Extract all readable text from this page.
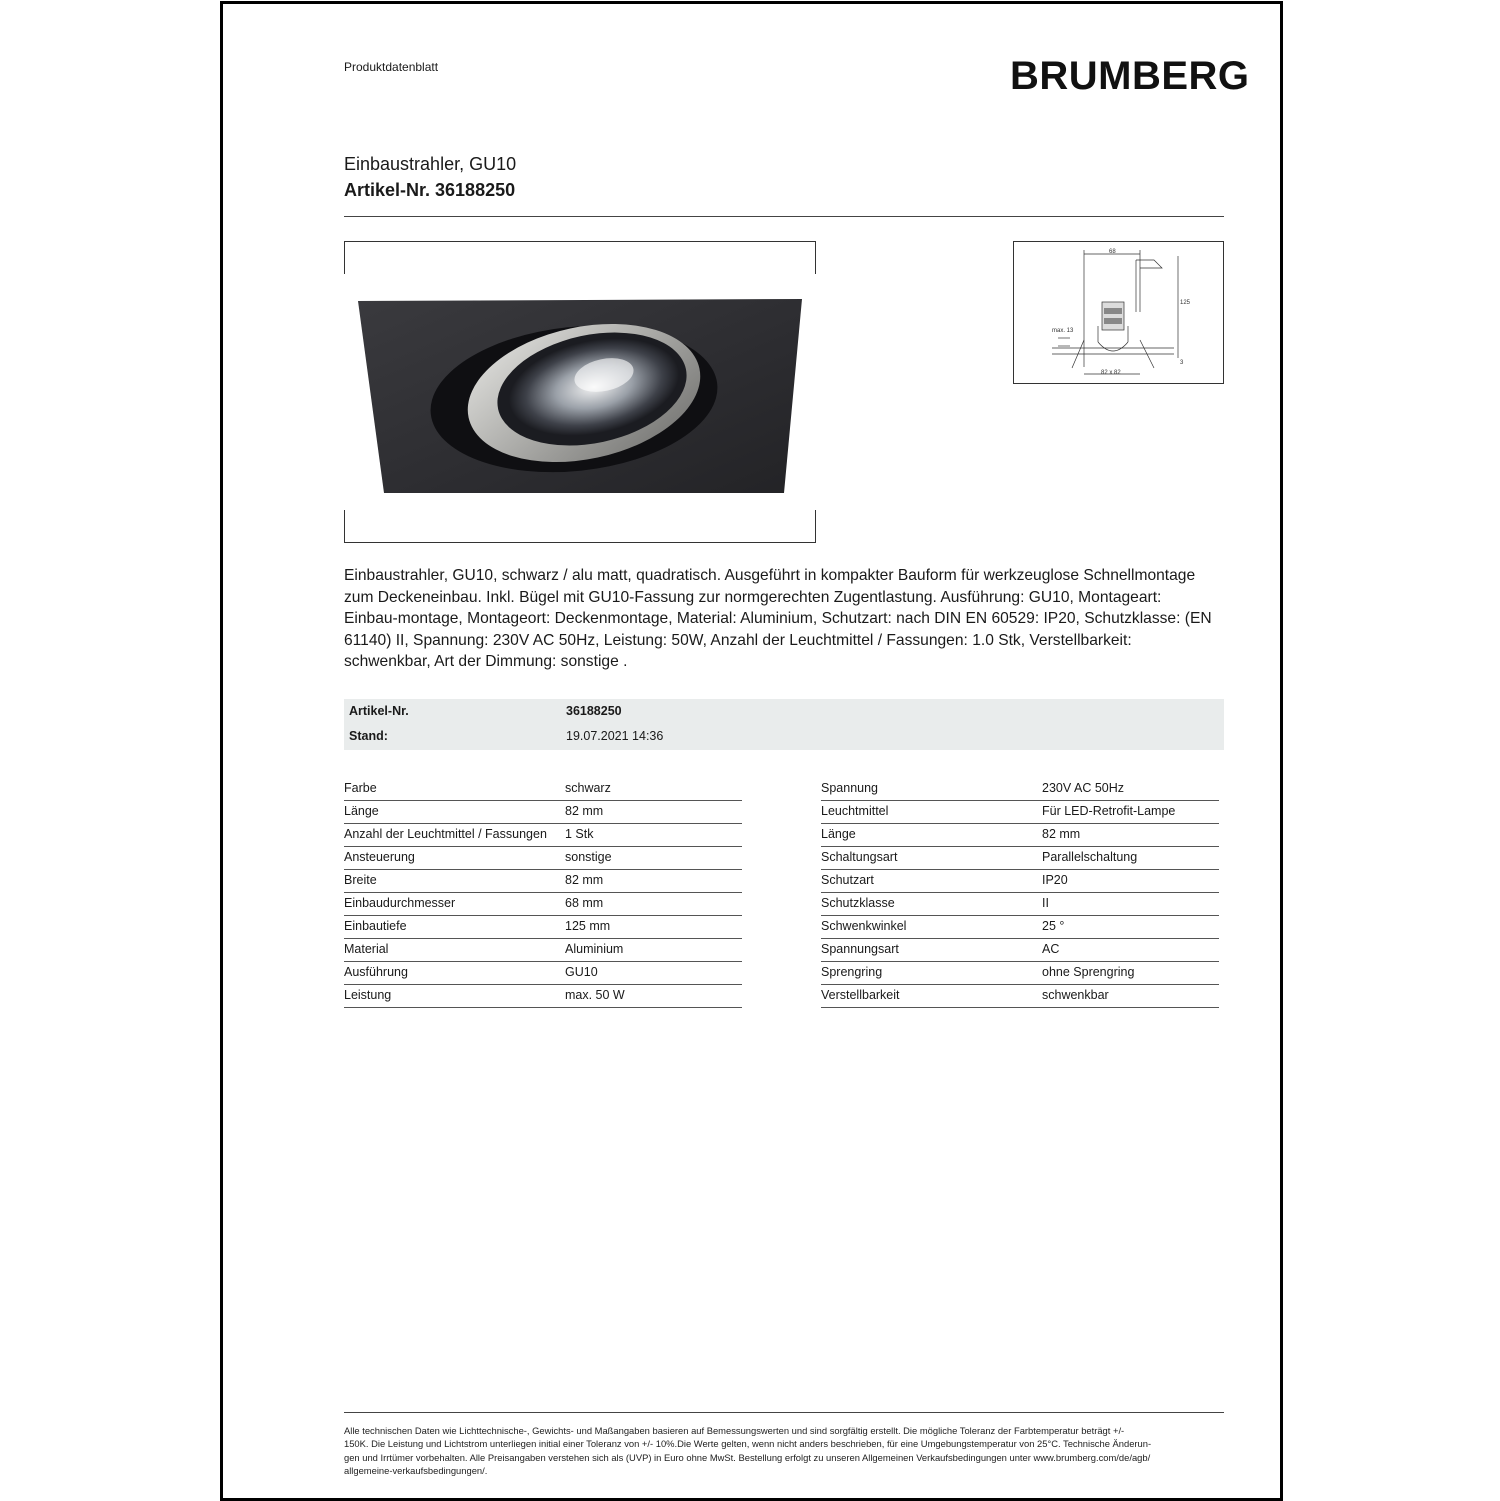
Produktdatenblatt	BRUMBERG
Einbaustrahler, GU10
Artikel-Nr. 36188250
68
125
max. 13
82 x 82
3
Einbaustrahler, GU10, schwarz / alu matt, quadratisch. Ausgeführt in kompakter Bauform für werkzeuglose Schnellmontage zum Deckeneinbau. Inkl. Bügel mit GU10-Fassung zur normgerechten Zugentlastung. Ausführung: GU10, Montageart: Einbau-montage, Montageort: Deckenmontage, Material: Aluminium, Schutzart: nach DIN EN 60529: IP20, Schutzklasse: (EN 61140) II, Spannung: 230V AC 50Hz, Leistung: 50W, Anzahl der Leuchtmittel / Fassungen: 1.0 Stk, Verstellbarkeit: schwenkbar, Art der Dimmung: sonstige .
Artikel-Nr.	36188250
Stand:	19.07.2021 14:36
Farbe	schwarz
Länge	82 mm
Anzahl der Leuchtmittel / Fassungen 1 Stk
Ansteuerung	sonstige
Breite	82 mm
Einbaudurchmesser	68 mm
Einbautiefe	125 mm
Material	Aluminium
Ausführung	GU10
Leistung	max. 50 W
Spannung	230V AC 50Hz
Leuchtmittel	Für LED-Retrofit-Lampe
Länge	82 mm
Schaltungsart	Parallelschaltung
Schutzart	IP20
Schutzklasse	II
Schwenkwinkel	25 °
Spannungsart	AC
Sprengring	ohne Sprengring
Verstellbarkeit	schwenkbar
Alle technischen Daten wie Lichttechnische-, Gewichts- und Maßangaben basieren auf Bemessungswerten und sind sorgfältig erstellt. Die mögliche Toleranz der Farbtemperatur beträgt +/-
150K. Die Leistung und Lichtstrom unterliegen initial einer Toleranz von +/- 10%.Die Werte gelten, wenn nicht anders beschrieben, für eine Umgebungstemperatur von 25°C. Technische Änderun-
gen und Irrtümer vorbehalten. Alle Preisangaben verstehen sich als (UVP) in Euro ohne MwSt. Bestellung erfolgt zu unseren Allgemeinen Verkaufsbedingungen unter www.brumberg.com/de/agb/
allgemeine-verkaufsbedingungen/.
